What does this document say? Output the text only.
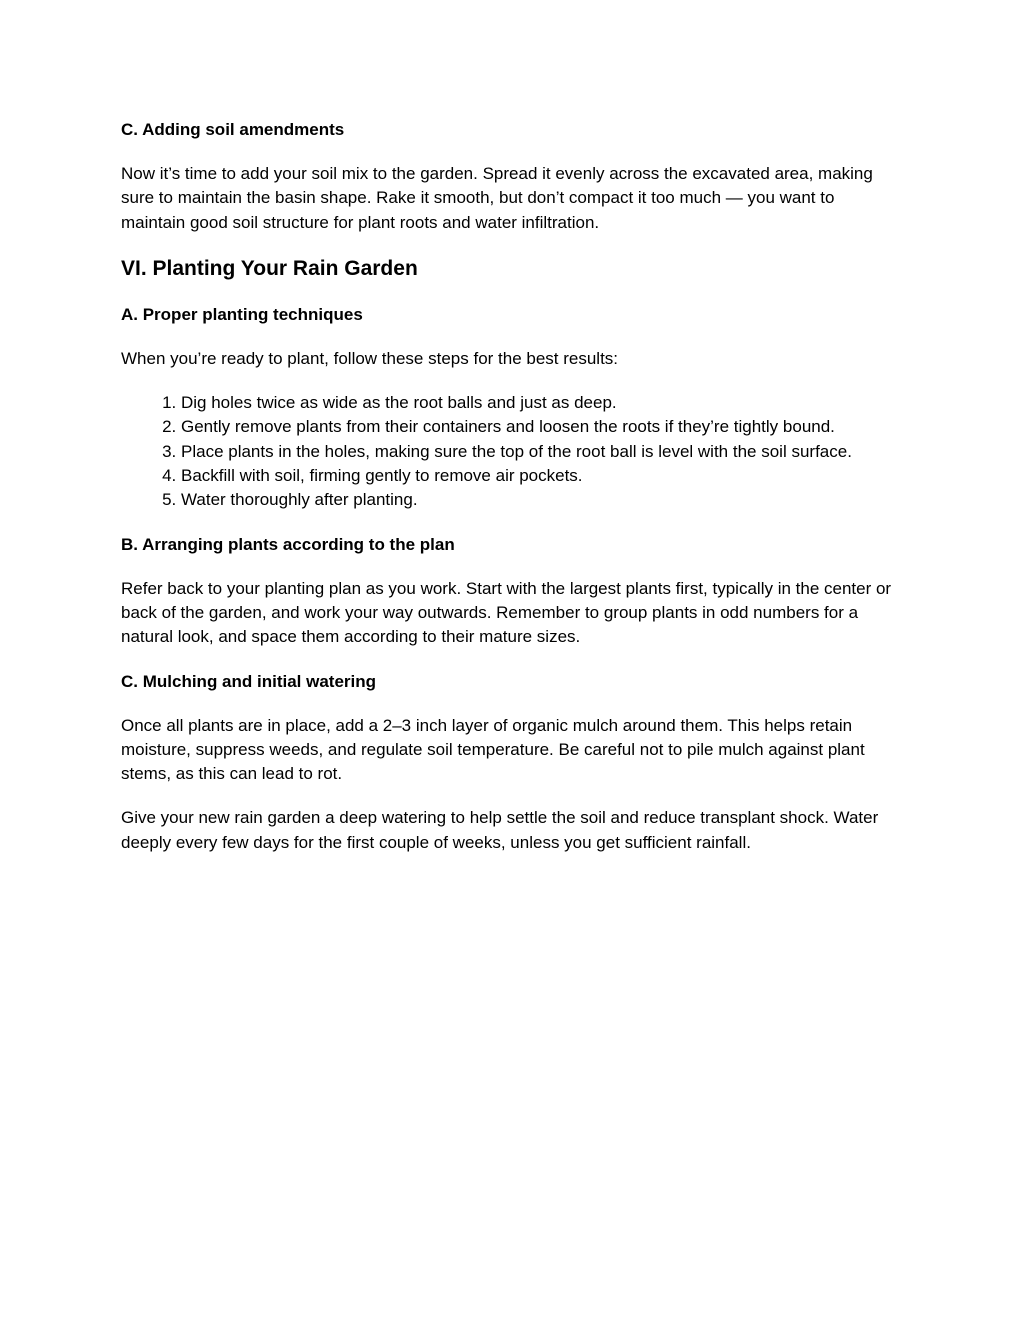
C. Adding soil amendments

Now it’s time to add your soil mix to the garden. Spread it evenly across the excavated area, making sure to maintain the basin shape. Rake it smooth, but don’t compact it too much — you want to maintain good soil structure for plant roots and water infiltration.

VI. Planting Your Rain Garden
A. Proper planting techniques

When you’re ready to plant, follow these steps for the best results:

1. Dig holes twice as wide as the root balls and just as deep.
2. Gently remove plants from their containers and loosen the roots if they’re tightly bound.
3. Place plants in the holes, making sure the top of the root ball is level with the soil surface.
4. Backfill with soil, firming gently to remove air pockets.
5. Water thoroughly after planting.
B. Arranging plants according to the plan

Refer back to your planting plan as you work. Start with the largest plants first, typically in the center or back of the garden, and work your way outwards. Remember to group plants in odd numbers for a natural look, and space them according to their mature sizes.

C. Mulching and initial watering

Once all plants are in place, add a 2–3 inch layer of organic mulch around them. This helps retain moisture, suppress weeds, and regulate soil temperature. Be careful not to pile mulch against plant stems, as this can lead to rot.

Give your new rain garden a deep watering to help settle the soil and reduce transplant shock. Water deeply every few days for the first couple of weeks, unless you get sufficient rainfall.
